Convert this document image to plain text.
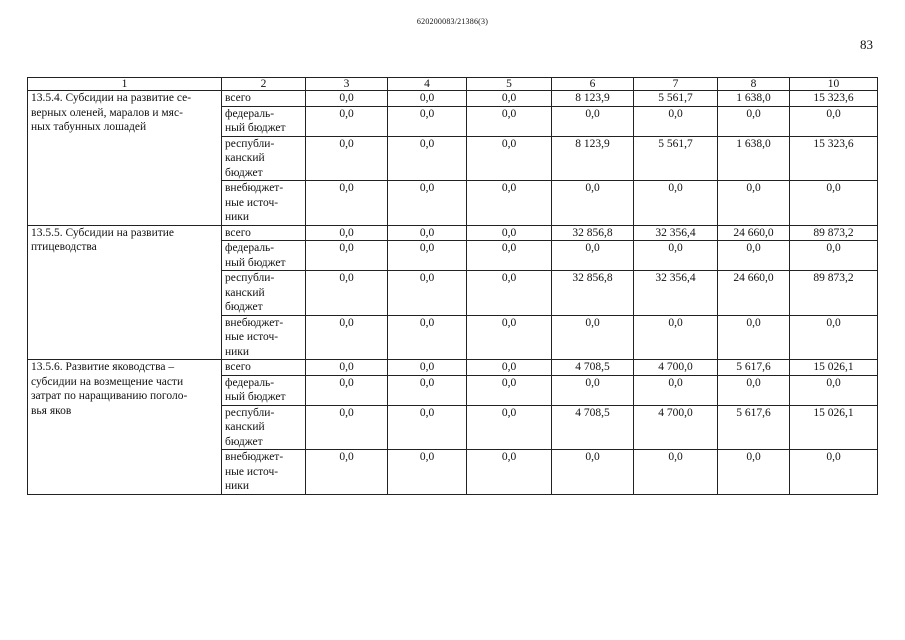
620200083/21386(3)
83
1	2	3	4	5	6	7	8	10

13.5.4. Субсидии на развитие се-
верных оленей, маралов и мяс-
ных табунных лошадей	всего	0,0	0,0	0,0	8 123,9	5 561,7	1 638,0	15 323,6

	федераль-
ный бюджет	0,0	0,0	0,0	0,0	0,0	0,0	0,0

	республи-
канский
бюджет	0,0	0,0	0,0	8 123,9	5 561,7	1 638,0	15 323,6

	внебюджет-
ные источ-
ники	0,0	0,0	0,0	0,0	0,0	0,0	0,0

13.5.5. Субсидии на развитие
птицеводства	всего	0,0	0,0	0,0	32 856,8	32 356,4	24 660,0	89 873,2

	федераль-
ный бюджет	0,0	0,0	0,0	0,0	0,0	0,0	0,0

	республи-
канский
бюджет	0,0	0,0	0,0	32 856,8	32 356,4	24 660,0	89 873,2

	внебюджет-
ные источ-
ники	0,0	0,0	0,0	0,0	0,0	0,0	0,0

13.5.6. Развитие яководства –
субсидии на возмещение части
затрат по наращиванию поголо-
вья яков	всего	0,0	0,0	0,0	4 708,5	4 700,0	5 617,6	15 026,1

	федераль-
ный бюджет	0,0	0,0	0,0	0,0	0,0	0,0	0,0

	республи-
канский
бюджет	0,0	0,0	0,0	4 708,5	4 700,0	5 617,6	15 026,1

	внебюджет-
ные источ-
ники	0,0	0,0	0,0	0,0	0,0	0,0	0,0
